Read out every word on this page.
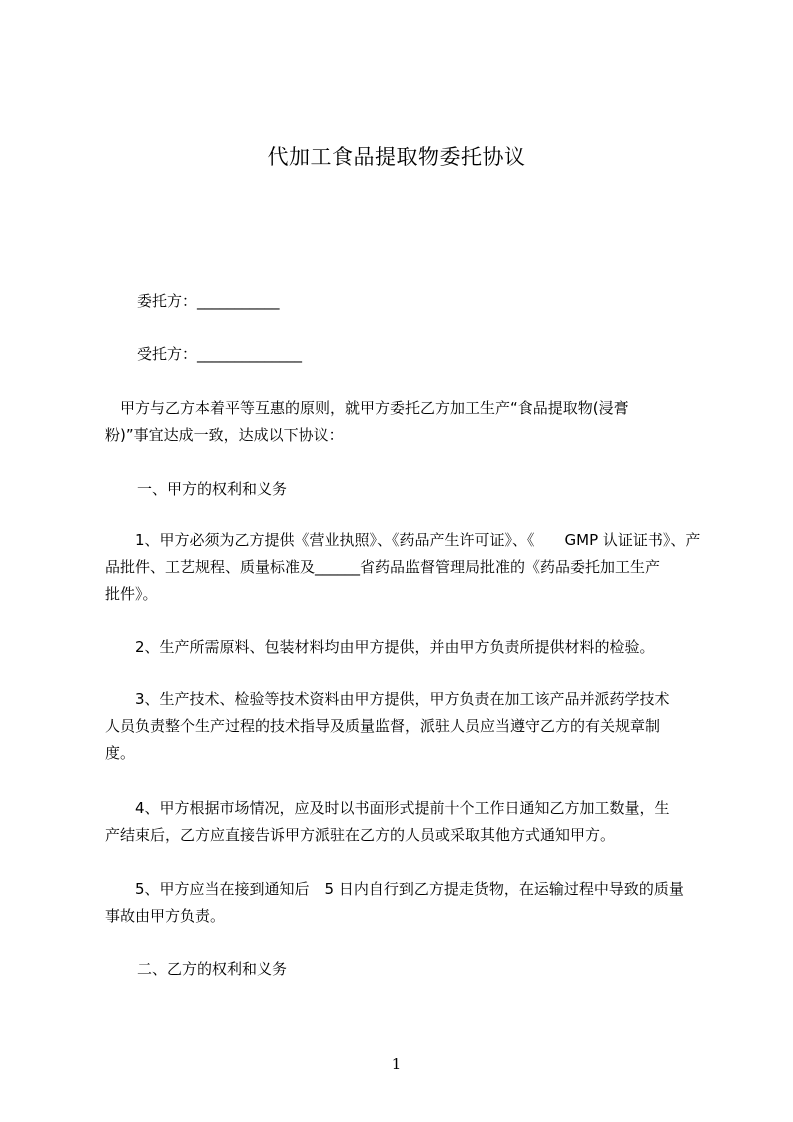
代加工食品提取物委托协议
委托方：___________
受托方：______________
　甲方与乙方本着平等互惠的原则，就甲方委托乙方加工生产“食品提取物(浸膏
粉)”事宜达成一致，达成以下协议：
一、甲方的权利和义务
　　1、甲方必须为乙方提供《营业执照》、《药品产生许可证》、《　　GMP 认证证书》、产
品批件、工艺规程、质量标准及______省药品监督管理局批准的《药品委托加工生产
批件》。
　　2、生产所需原料、包装材料均由甲方提供，并由甲方负责所提供材料的检验。
　　3、生产技术、检验等技术资料由甲方提供，甲方负责在加工该产品并派药学技术
人员负责整个生产过程的技术指导及质量监督，派驻人员应当遵守乙方的有关规章制
度。
　　4、甲方根据市场情况，应及时以书面形式提前十个工作日通知乙方加工数量，生
产结束后，乙方应直接告诉甲方派驻在乙方的人员或采取其他方式通知甲方。
　　5、甲方应当在接到通知后　5 日内自行到乙方提走货物，在运输过程中导致的质量
事故由甲方负责。
二、乙方的权利和义务
1
